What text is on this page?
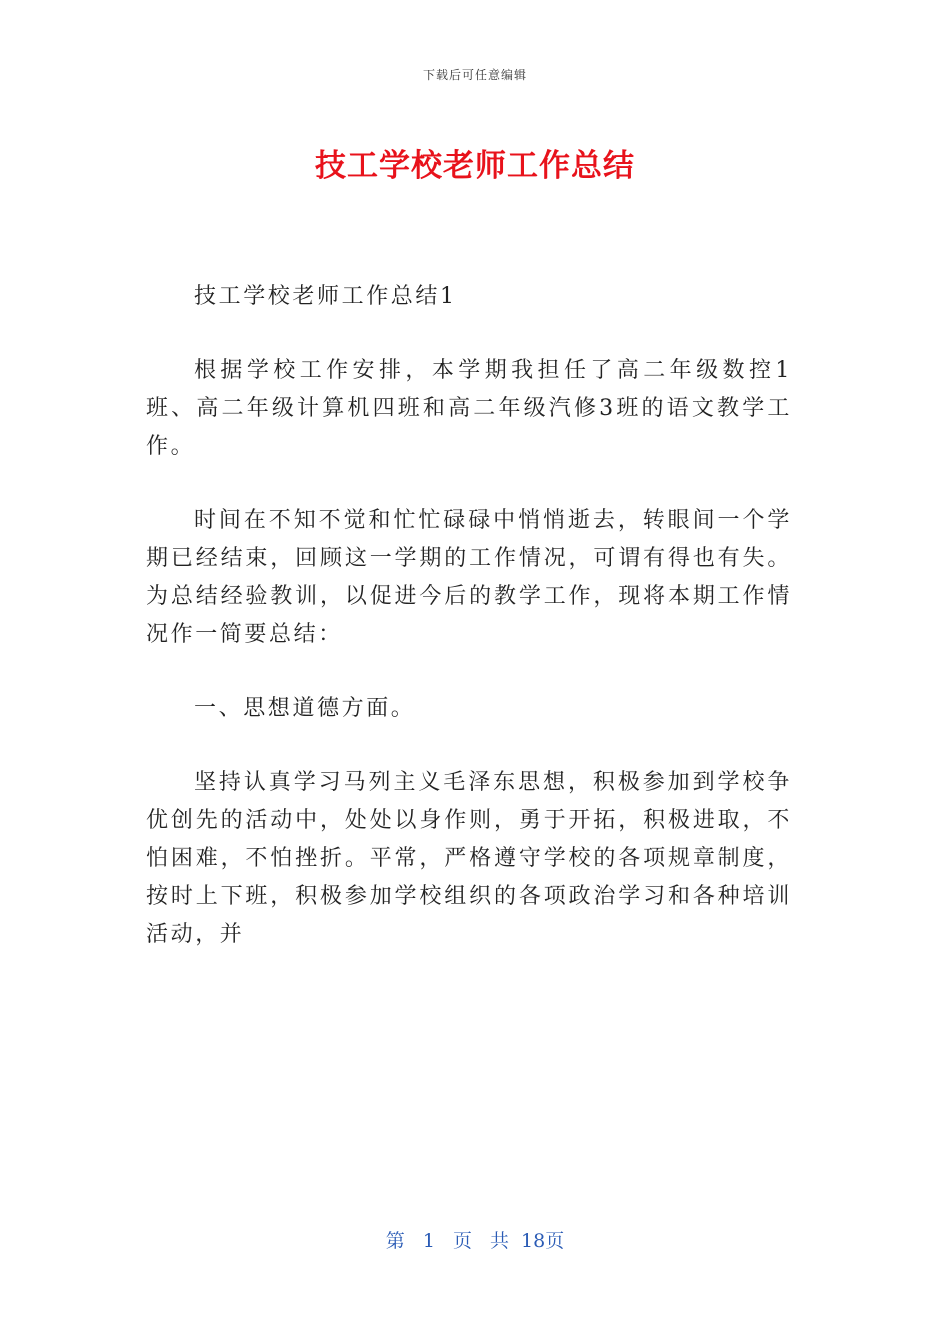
下载后可任意编辑
技工学校老师工作总结

技工学校老师工作总结1

根据学校工作安排，本学期我担任了高二年级数控1班、高二年级计算机四班和高二年级汽修3班的语文教学工作。

时间在不知不觉和忙忙碌碌中悄悄逝去，转眼间一个学期已经结束，回顾这一学期的工作情况，可谓有得也有失。为总结经验教训，以促进今后的教学工作，现将本期工作情况作一简要总结：

一、思想道德方面。

坚持认真学习马列主义毛泽东思想，积极参加到学校争优创先的活动中，处处以身作则，勇于开拓，积极进取，不怕困难，不怕挫折。平常，严格遵守学校的各项规章制度，按时上下班，积极参加学校组织的各项政治学习和各种培训活动，并

第 1 页 共 18页
